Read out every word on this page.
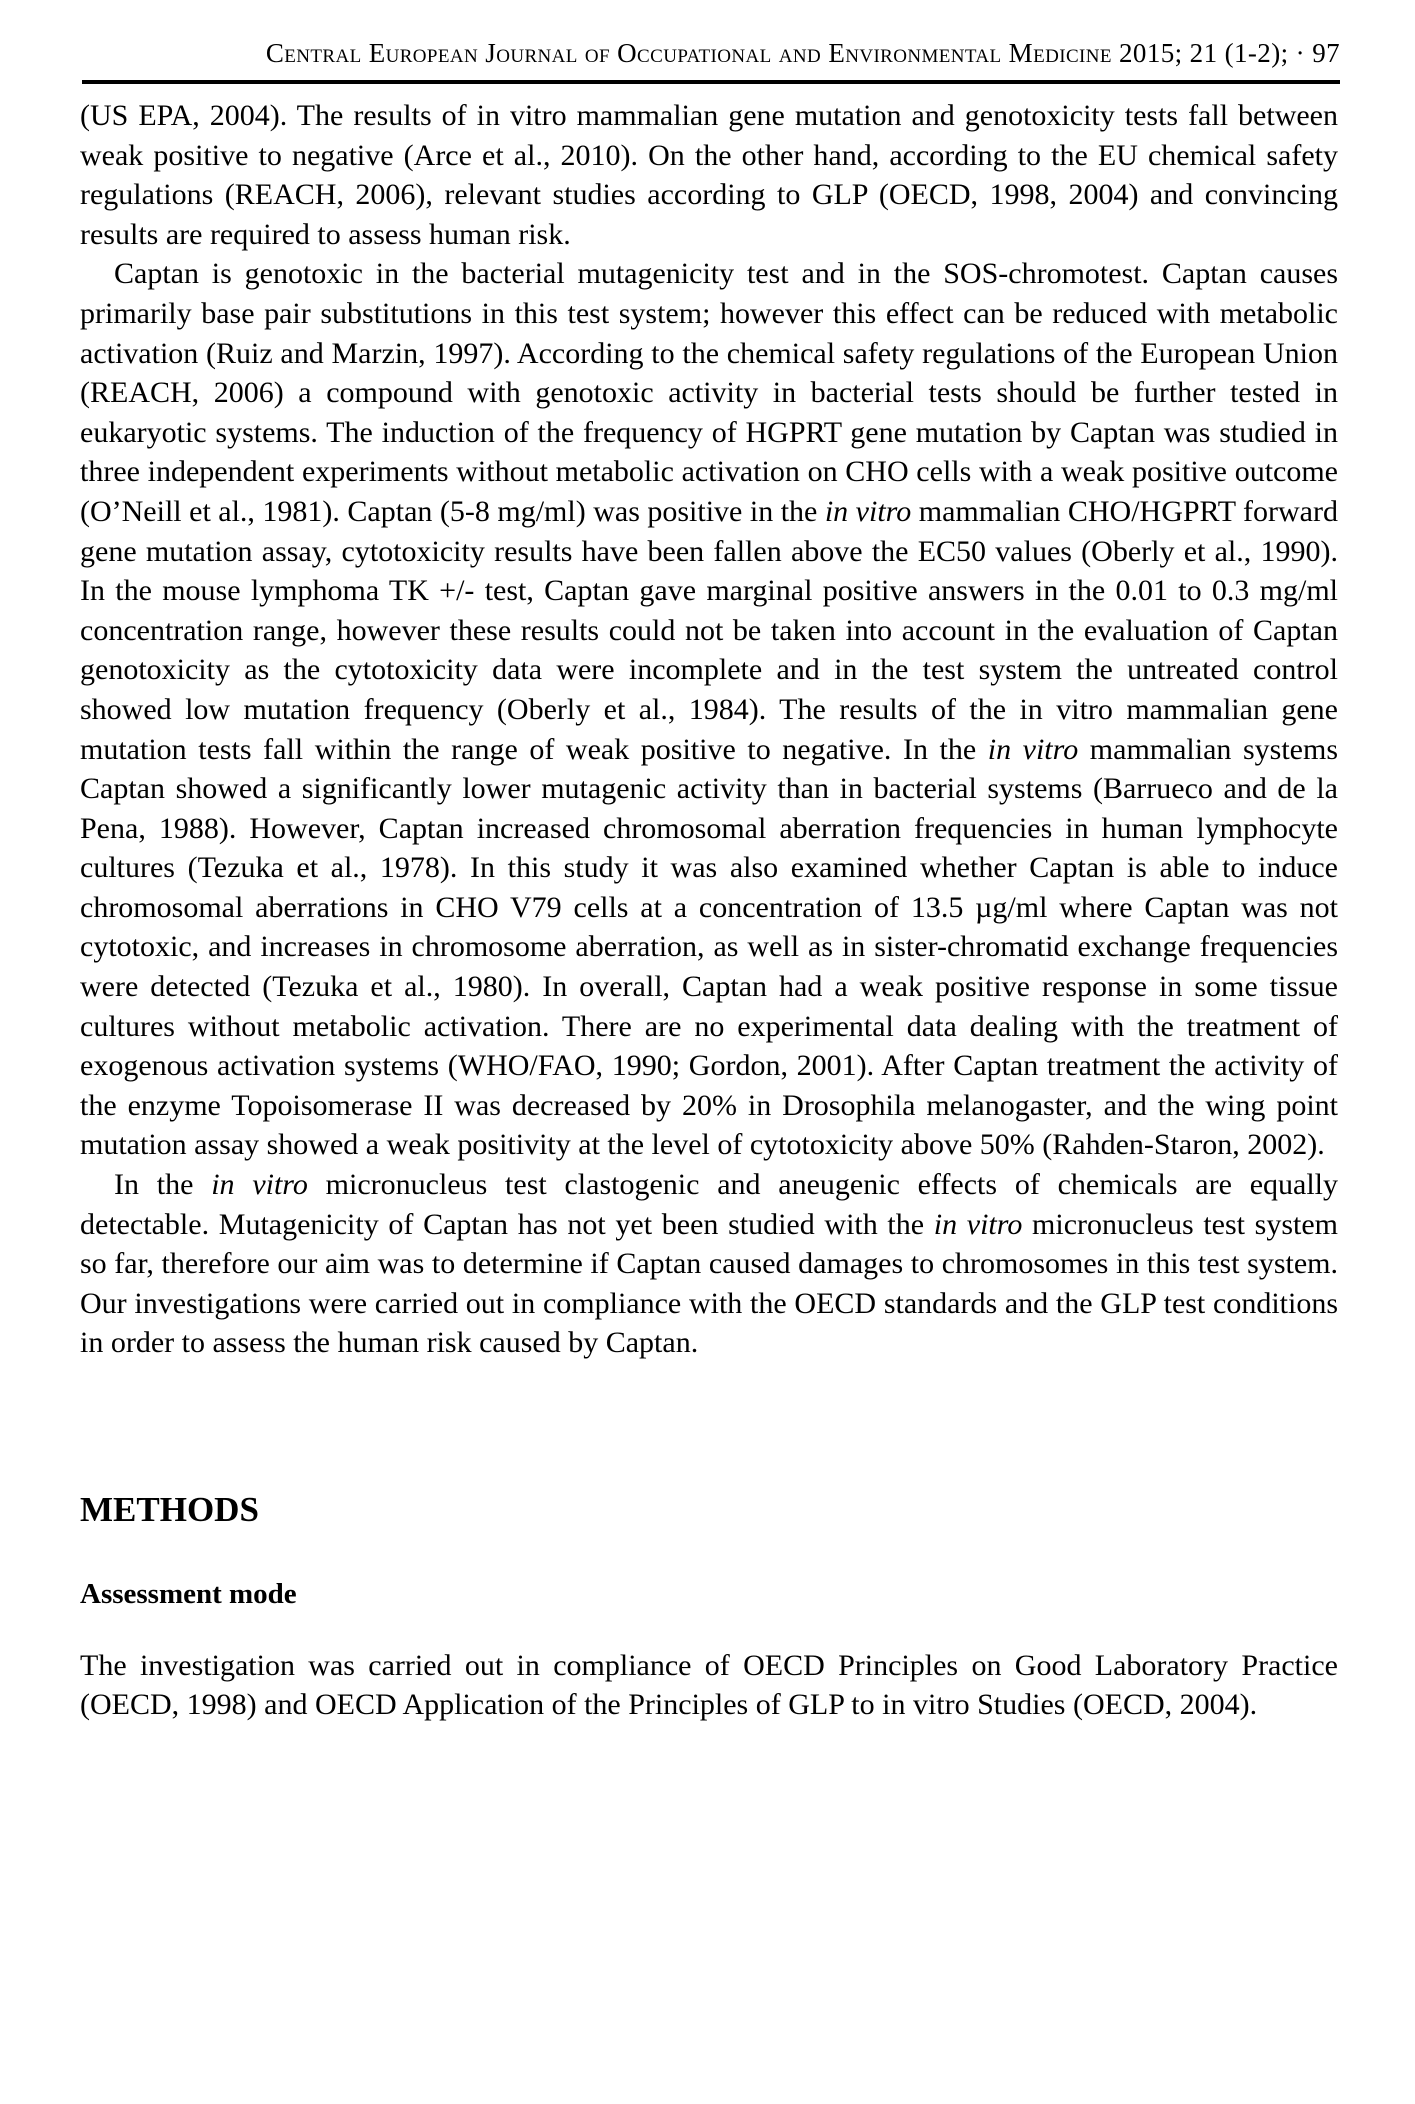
Central European Journal of Occupational and Environmental Medicine 2015; 21 (1-2); · 97

(US EPA, 2004). The results of in vitro mammalian gene mutation and genotoxicity tests fall between weak positive to negative (Arce et al., 2010). On the other hand, according to the EU chemical safety regulations (REACH, 2006), relevant studies according to GLP (OECD, 1998, 2004) and convincing results are required to assess human risk.

Captan is genotoxic in the bacterial mutagenicity test and in the SOS-chromotest. Captan causes primarily base pair substitutions in this test system; however this effect can be reduced with metabolic activation (Ruiz and Marzin, 1997). According to the chemical safety regulations of the European Union (REACH, 2006) a compound with genotoxic activity in bacterial tests should be further tested in eukaryotic systems. The induction of the frequency of HGPRT gene mutation by Captan was studied in three independent experiments without metabolic activation on CHO cells with a weak positive outcome (O’Neill et al., 1981). Captan (5-8 mg/ml) was positive in the in vitro mammalian CHO/HGPRT forward gene mutation assay, cytotoxicity results have been fallen above the EC50 values (Oberly et al., 1990). In the mouse lymphoma TK +/- test, Captan gave marginal positive answers in the 0.01 to 0.3 mg/ml concentration range, however these results could not be taken into account in the evaluation of Captan genotoxicity as the cytotoxicity data were incomplete and in the test system the untreated control showed low mutation frequency (Oberly et al., 1984). The results of the in vitro mammalian gene mutation tests fall within the range of weak positive to negative. In the in vitro mammalian systems Captan showed a significantly lower mutagenic activity than in bacterial systems (Barrueco and de la Pena, 1988). However, Captan increased chromosomal aberration frequencies in human lymphocyte cultures (Tezuka et al., 1978). In this study it was also examined whether Captan is able to induce chromosomal aberrations in CHO V79 cells at a concentration of 13.5 µg/ml where Captan was not cytotoxic, and increases in chromosome aberration, as well as in sister-chromatid exchange frequencies were detected (Tezuka et al., 1980). In overall, Captan had a weak positive response in some tissue cultures without metabolic activation. There are no experimental data dealing with the treatment of exogenous activation systems (WHO/FAO, 1990; Gordon, 2001). After Captan treatment the activity of the enzyme Topoisomerase II was decreased by 20% in Drosophila melanogaster, and the wing point mutation assay showed a weak positivity at the level of cytotoxicity above 50% (Rahden-Staron, 2002).

In the in vitro micronucleus test clastogenic and aneugenic effects of chemicals are equally detectable. Mutagenicity of Captan has not yet been studied with the in vitro micronucleus test system so far, therefore our aim was to determine if Captan caused damages to chromosomes in this test system. Our investigations were carried out in compliance with the OECD standards and the GLP test conditions in order to assess the human risk caused by Captan.

METHODS
Assessment mode

The investigation was carried out in compliance of OECD Principles on Good Laboratory Practice (OECD, 1998) and OECD Application of the Principles of GLP to in vitro Studies (OECD, 2004).
